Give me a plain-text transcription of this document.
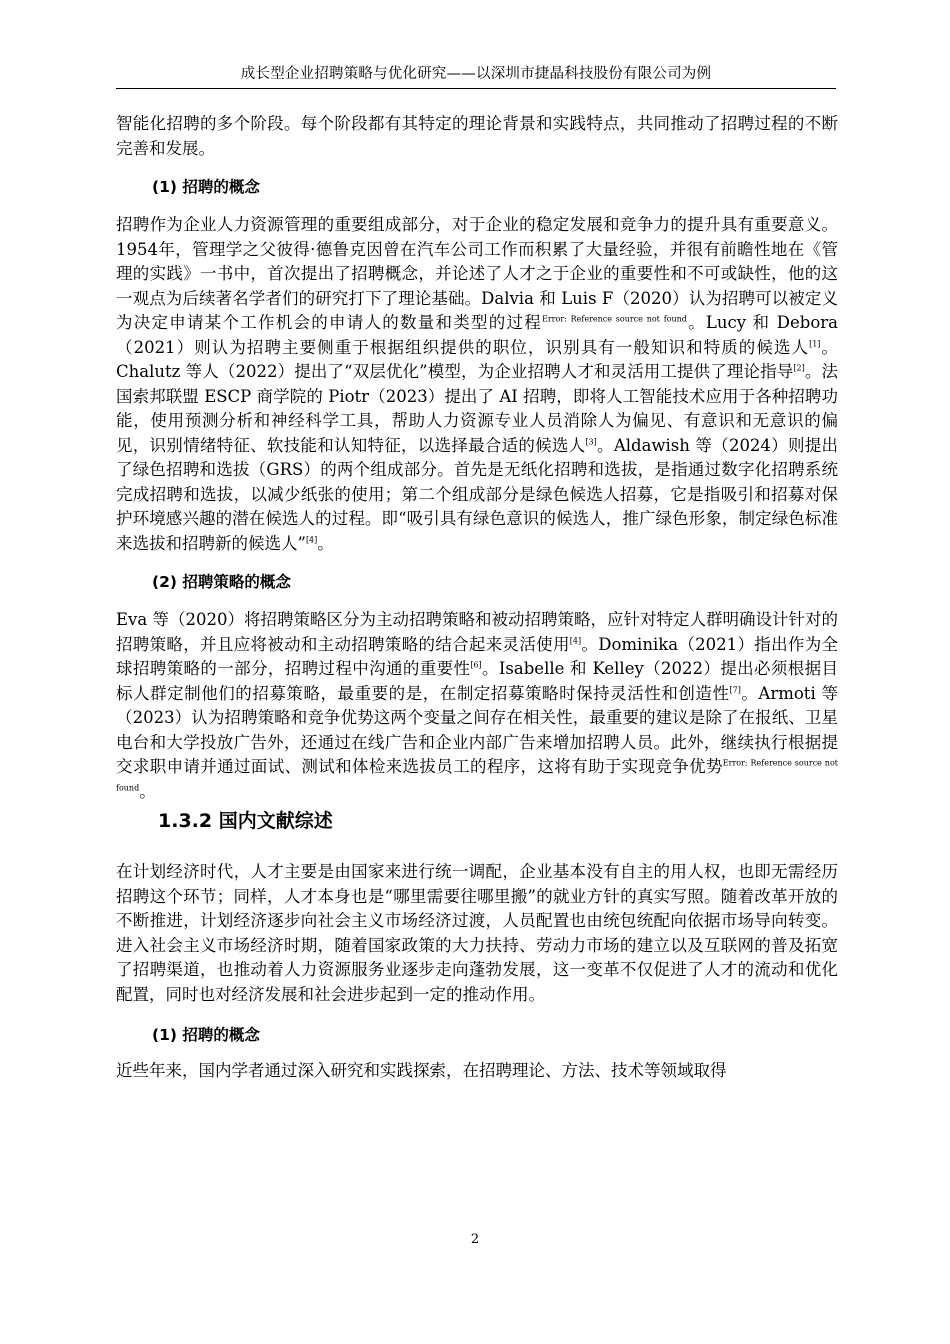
成长型企业招聘策略与优化研究——以深圳市捷晶科技股份有限公司为例

智能化招聘的多个阶段。每个阶段都有其特定的理论背景和实践特点，共同推动了招聘过程的不断完善和发展。

(1) 招聘的概念

招聘作为企业人力资源管理的重要组成部分，对于企业的稳定发展和竞争力的提升具有重要意义。1954年，管理学之父彼得·德鲁克因曾在汽车公司工作而积累了大量经验，并很有前瞻性地在《管理的实践》一书中，首次提出了招聘概念，并论述了人才之于企业的重要性和不可或缺性，他的这一观点为后续著名学者们的研究打下了理论基础。Dalvia 和 Luis F（2020）认为招聘可以被定义为决定申请某个工作机会的申请人的数量和类型的过程$^{Error: Reference source not found}$。Lucy 和 Debora（2021）则认为招聘主要侧重于根据组织提供的职位，识别具有一般知识和特质的候选人[1]。Chalutz 等人（2022）提出了“双层优化”模型，为企业招聘人才和灵活用工提供了理论指导[2]。法国索邦联盟 ESCP 商学院的 Piotr（2023）提出了 AI 招聘，即将人工智能技术应用于各种招聘功能，使用预测分析和神经科学工具，帮助人力资源专业人员消除人为偏见、有意识和无意识的偏见，识别情绪特征、软技能和认知特征，以选择最合适的候选人[3]。Aldawish 等（2024）则提出了绿色招聘和选拔（GRS）的两个组成部分。首先是无纸化招聘和选拔，是指通过数字化招聘系统完成招聘和选拔，以减少纸张的使用；第二个组成部分是绿色候选人招募，它是指吸引和招募对保护环境感兴趣的潜在候选人的过程。即“吸引具有绿色意识的候选人，推广绿色形象，制定绿色标准来选拔和招聘新的候选人”[4]。

(2) 招聘策略的概念

Eva 等（2020）将招聘策略区分为主动招聘策略和被动招聘策略，应针对特定人群明确设计针对的招聘策略，并且应将被动和主动招聘策略的结合起来灵活使用[4]。Dominika（2021）指出作为全球招聘策略的一部分，招聘过程中沟通的重要性[6]。Isabelle 和 Kelley（2022）提出必须根据目标人群定制他们的招募策略，最重要的是，在制定招募策略时保持灵活性和创造性[7]。Armoti 等（2023）认为招聘策略和竞争优势这两个变量之间存在相关性，最重要的建议是除了在报纸、卫星电台和大学投放广告外，还通过在线广告和企业内部广告来增加招聘人员。此外，继续执行根据提交求职申请并通过面试、测试和体检来选拔员工的程序，这将有助于实现竞争优势$^{Error: Reference source not found}$。

1.3.2 国内文献综述

在计划经济时代，人才主要是由国家来进行统一调配，企业基本没有自主的用人权，也即无需经历招聘这个环节；同样，人才本身也是“哪里需要往哪里搬”的就业方针的真实写照。随着改革开放的不断推进，计划经济逐步向社会主义市场经济过渡，人员配置也由统包统配向依据市场导向转变。进入社会主义市场经济时期，随着国家政策的大力扶持、劳动力市场的建立以及互联网的普及拓宽了招聘渠道，也推动着人力资源服务业逐步走向蓬勃发展，这一变革不仅促进了人才的流动和优化配置，同时也对经济发展和社会进步起到一定的推动作用。

(1) 招聘的概念

近些年来，国内学者通过深入研究和实践探索，在招聘理论、方法、技术等领域取得

2
